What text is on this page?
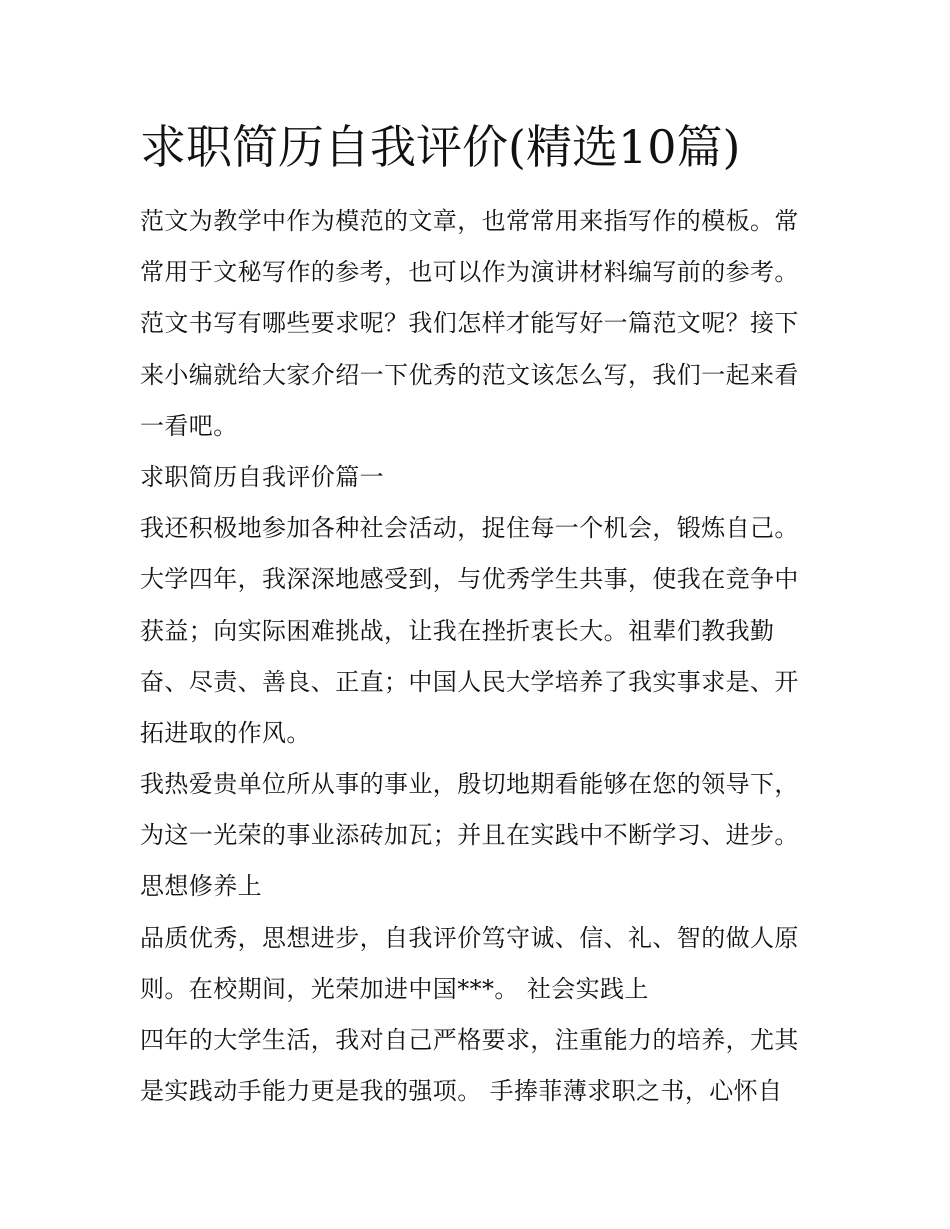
求职简历自我评价(精选10篇)
范文为教学中作为模范的文章，也常常用来指写作的模板。常
常用于文秘写作的参考，也可以作为演讲材料编写前的参考。
范文书写有哪些要求呢？我们怎样才能写好一篇范文呢？接下
来小编就给大家介绍一下优秀的范文该怎么写，我们一起来看
一看吧。
求职简历自我评价篇一
我还积极地参加各种社会活动，捉住每一个机会，锻炼自己。
大学四年，我深深地感受到，与优秀学生共事，使我在竞争中
获益；向实际困难挑战，让我在挫折衷长大。祖辈们教我勤
奋、尽责、善良、正直；中国人民大学培养了我实事求是、开
拓进取的作风。
我热爱贵单位所从事的事业，殷切地期看能够在您的领导下，
为这一光荣的事业添砖加瓦；并且在实践中不断学习、进步。
思想修养上
品质优秀，思想进步，自我评价笃守诚、信、礼、智的做人原
则。在校期间，光荣加进中国***。 社会实践上
四年的大学生活，我对自己严格要求，注重能力的培养，尤其
是实践动手能力更是我的强项。 手捧菲薄求职之书，心怀自
